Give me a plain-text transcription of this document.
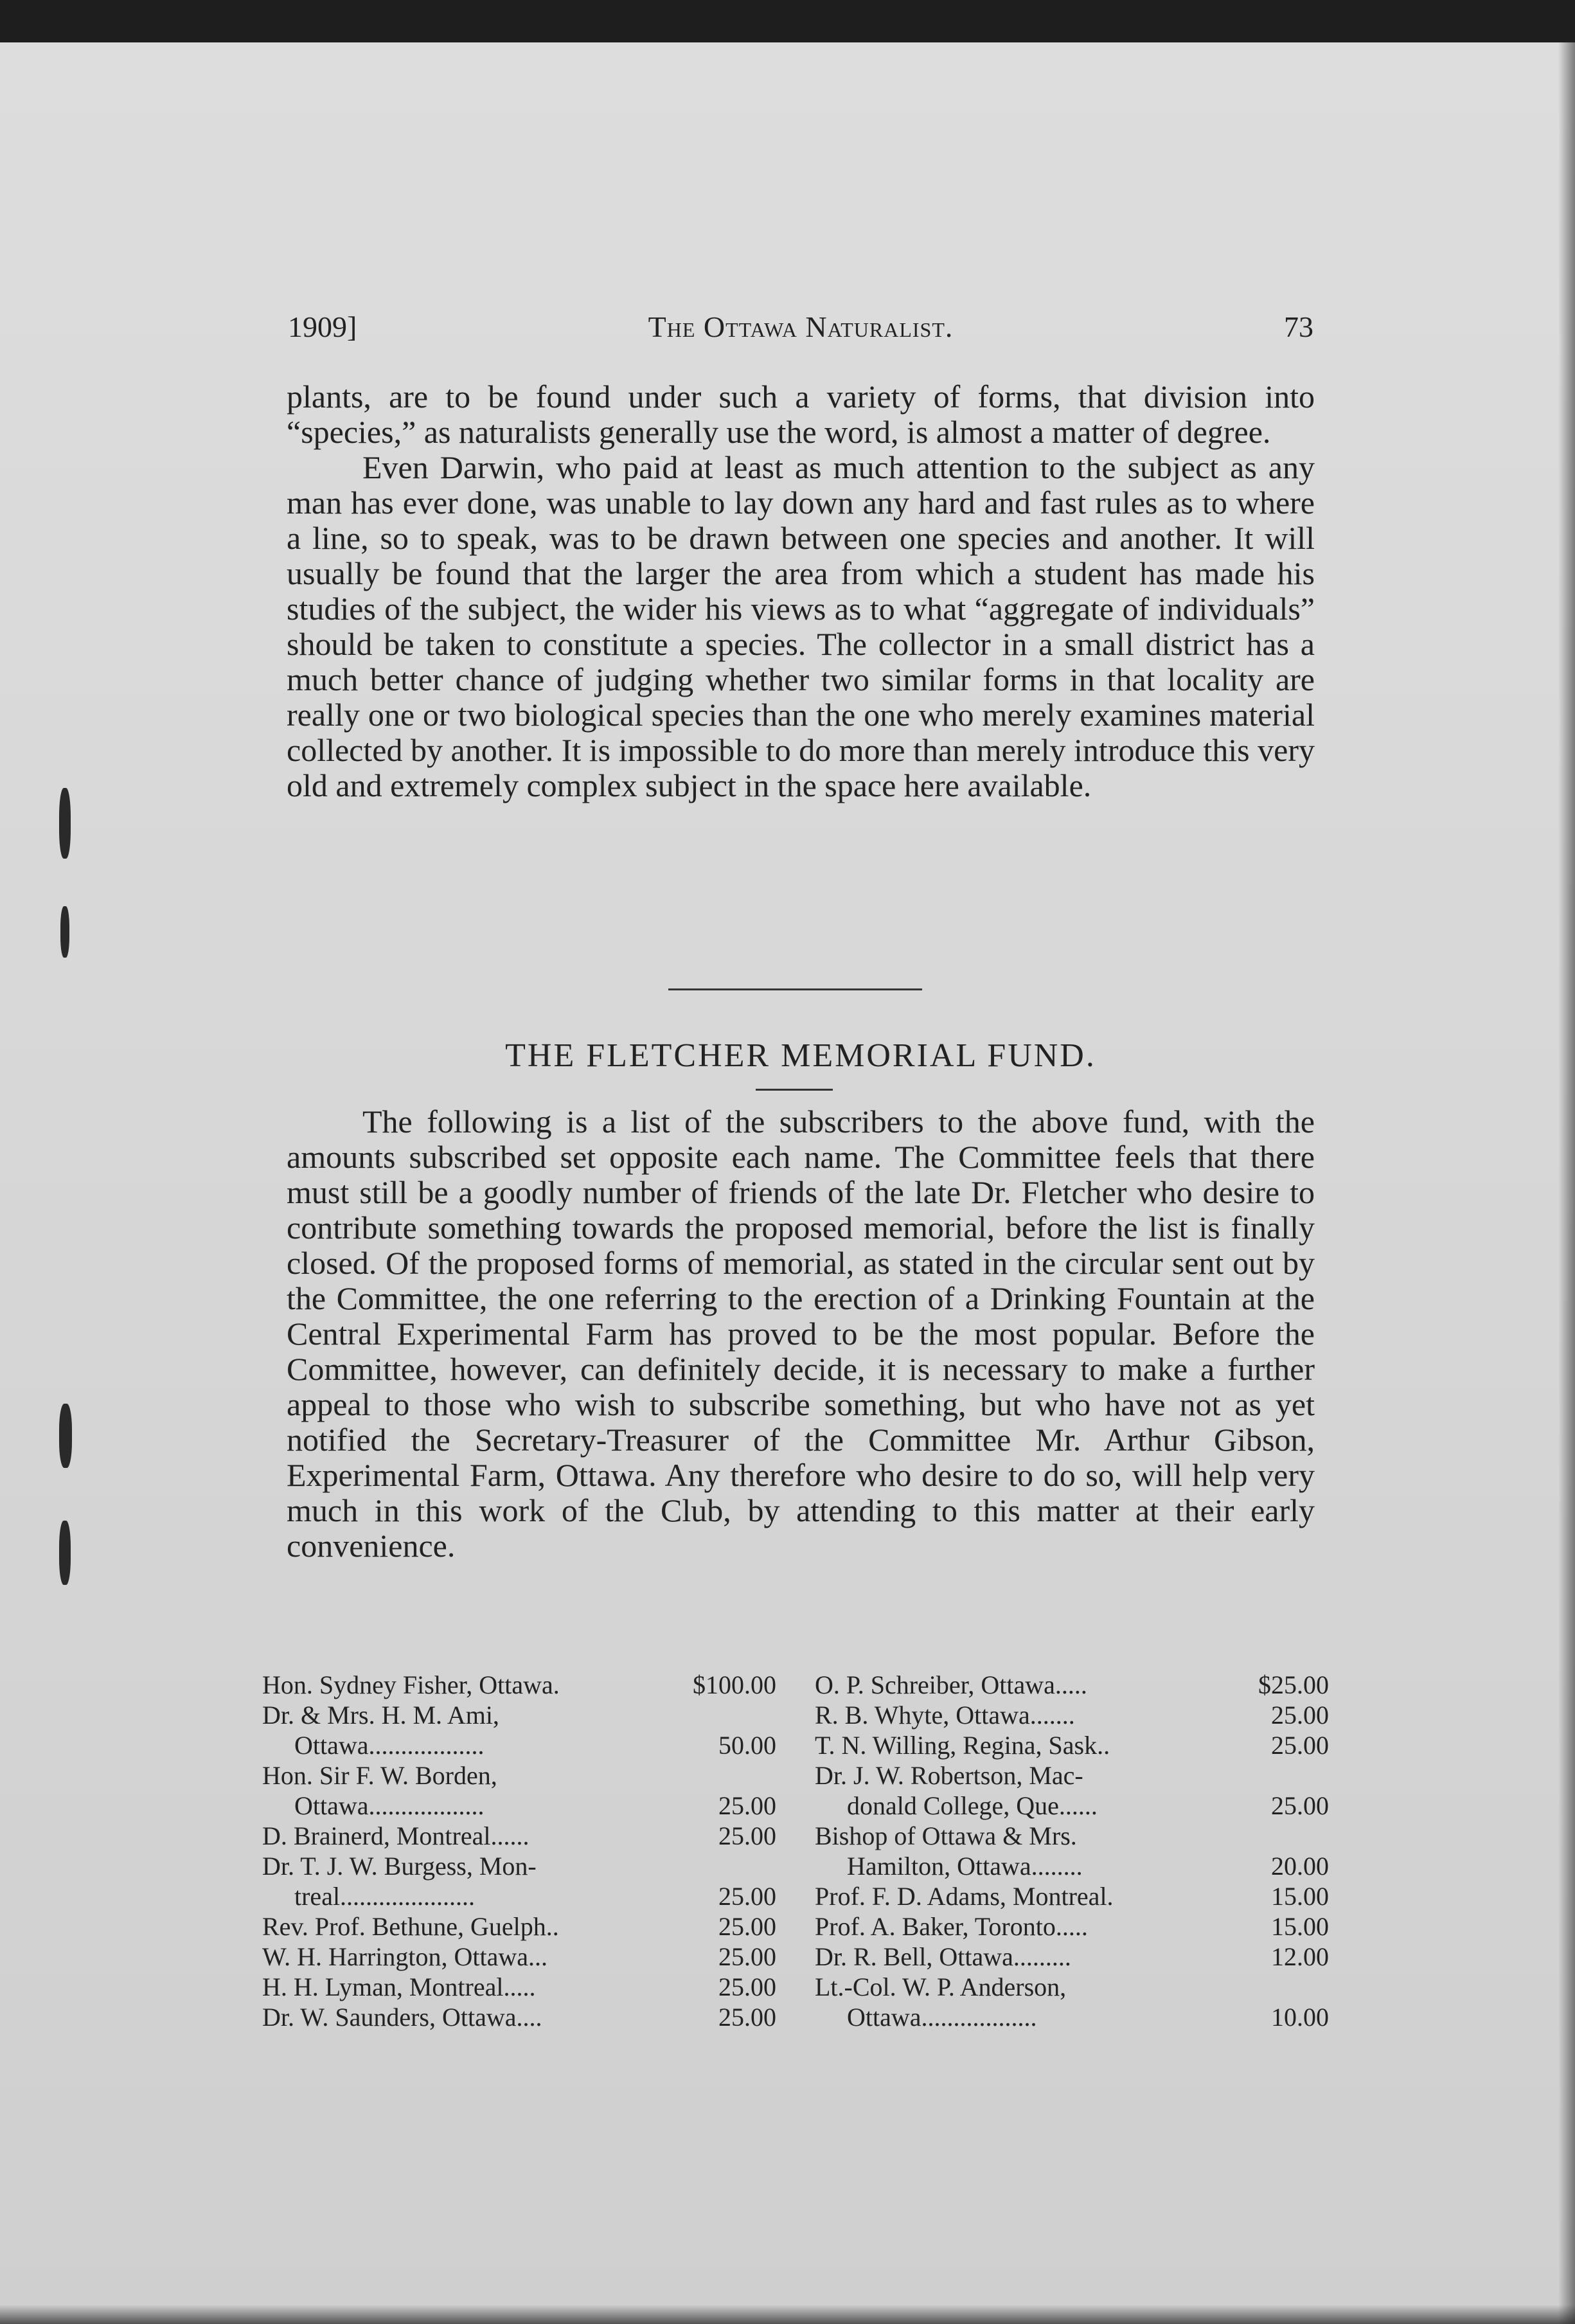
1909]	The Ottawa Naturalist.	73

plants, are to be found under such a variety of forms, that division into “species,” as naturalists generally use the word, is almost a matter of degree.

Even Darwin, who paid at least as much attention to the subject as any man has ever done, was unable to lay down any hard and fast rules as to where a line, so to speak, was to be drawn between one species and another. It will usually be found that the larger the area from which a student has made his studies of the subject, the wider his views as to what “aggregate of individuals” should be taken to constitute a species. The collector in a small district has a much better chance of judging whether two similar forms in that locality are really one or two biological species than the one who merely examines material collected by another. It is impossible to do more than merely introduce this very old and extremely complex subject in the space here available.

THE FLETCHER MEMORIAL FUND.

The following is a list of the subscribers to the above fund, with the amounts subscribed set opposite each name. The Committee feels that there must still be a goodly number of friends of the late Dr. Fletcher who desire to contribute something towards the proposed memorial, before the list is finally closed. Of the proposed forms of memorial, as stated in the circular sent out by the Committee, the one referring to the erection of a Drinking Fountain at the Central Experimental Farm has proved to be the most popular. Before the Committee, however, can definitely decide, it is necessary to make a further appeal to those who wish to subscribe something, but who have not as yet notified the Secretary-Treasurer of the Committee Mr. Arthur Gibson, Experimental Farm, Ottawa. Any therefore who desire to do so, will help very much in this work of the Club, by attending to this matter at their early convenience.

Hon. Sydney Fisher, Ottawa.	$100.00
Dr. & Mrs. H. M. Ami,
Ottawa..................	50.00
Hon. Sir F. W. Borden,
Ottawa..................	25.00
D. Brainerd, Montreal......	25.00
Dr. T. J. W. Burgess, Mon-
treal.....................	25.00
Rev. Prof. Bethune, Guelph..	25.00
W. H. Harrington, Ottawa...	25.00
H. H. Lyman, Montreal.....	25.00
Dr. W. Saunders, Ottawa....	25.00
O. P. Schreiber, Ottawa.....	$25.00
R. B. Whyte, Ottawa.......	25.00
T. N. Willing, Regina, Sask..	25.00
Dr. J. W. Robertson, Mac-
donald College, Que......	25.00
Bishop of Ottawa & Mrs.
Hamilton, Ottawa........	20.00
Prof. F. D. Adams, Montreal.	15.00
Prof. A. Baker, Toronto.....	15.00
Dr. R. Bell, Ottawa.........	12.00
Lt.-Col. W. P. Anderson,
Ottawa..................	10.00
